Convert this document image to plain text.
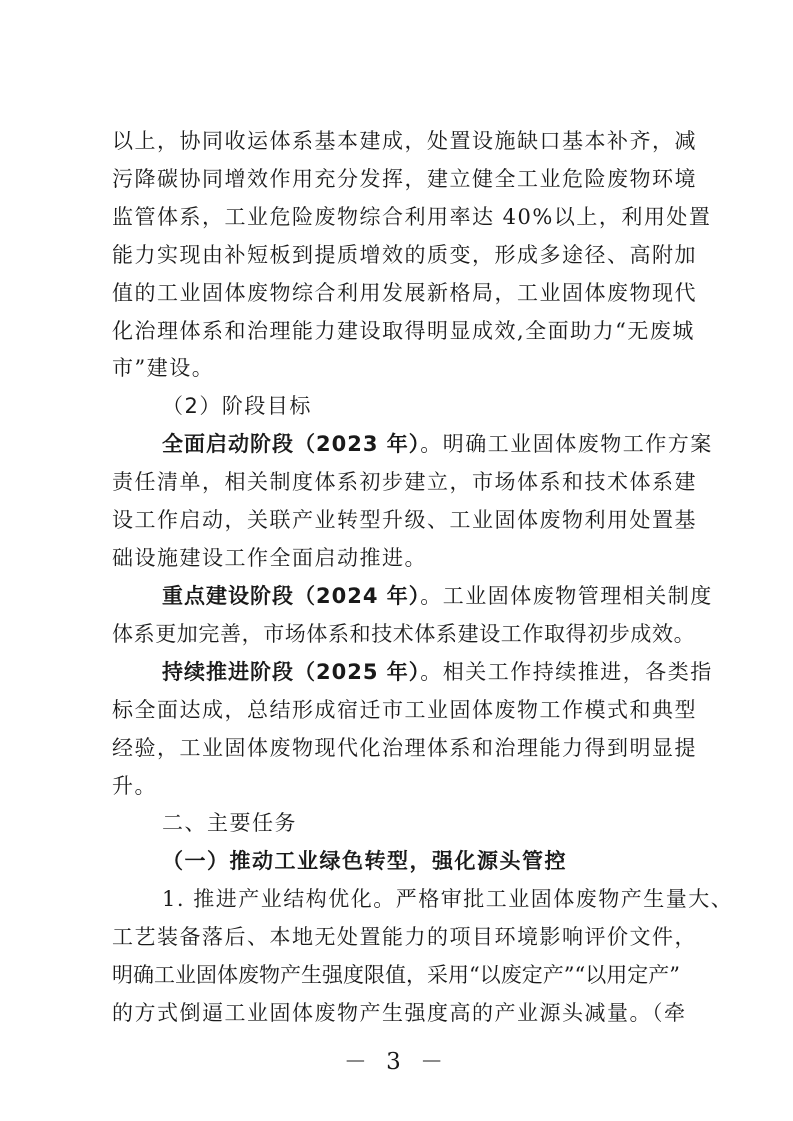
以上，协同收运体系基本建成，处置设施缺口基本补齐，减
污降碳协同增效作用充分发挥，建立健全工业危险废物环境
监管体系，工业危险废物综合利用率达 40%以上，利用处置
能力实现由补短板到提质增效的质变，形成多途径、高附加
值的工业固体废物综合利用发展新格局，工业固体废物现代
化治理体系和治理能力建设取得明显成效,全面助力“无废城
市”建设。
（2）阶段目标
全面启动阶段（2023 年）。明确工业固体废物工作方案
责任清单，相关制度体系初步建立，市场体系和技术体系建
设工作启动，关联产业转型升级、工业固体废物利用处置基
础设施建设工作全面启动推进。
重点建设阶段（2024 年）。工业固体废物管理相关制度
体系更加完善，市场体系和技术体系建设工作取得初步成效。
持续推进阶段（2025 年）。相关工作持续推进，各类指
标全面达成，总结形成宿迁市工业固体废物工作模式和典型
经验，工业固体废物现代化治理体系和治理能力得到明显提
升。
二、主要任务
－ 3 －
（一）推动工业绿色转型，强化源头管控
1. 推进产业结构优化。严格审批工业固体废物产生量大、
工艺装备落后、本地无处置能力的项目环境影响评价文件，
明确工业固体废物产生强度限值，采用“以废定产”“以用定产”
的方式倒逼工业固体废物产生强度高的产业源头减量。（牵
